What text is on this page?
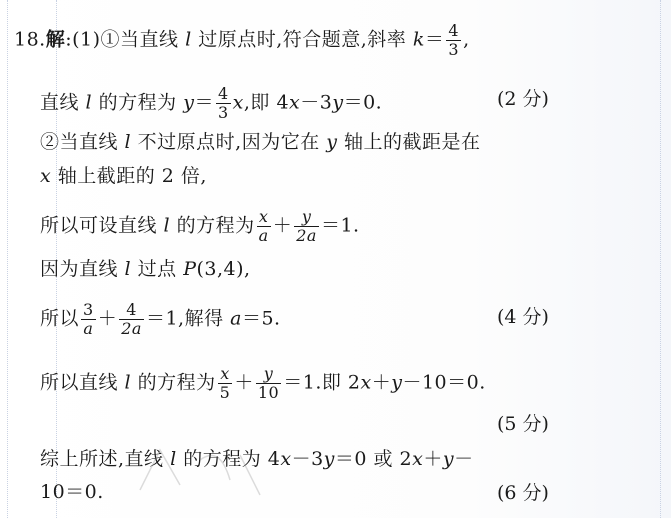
18.解:(1)①当直线 l 过原点时,符合题意,斜率 $k= \frac{4}{3}$ ,
直线 l 的方程为 $y= \frac{4}{3} x$,即 4x－3y＝0.	(2 分)
②当直线 l 不过原点时,因为它在 y 轴上的截距是在
x 轴上截距的 2 倍,
所以可设直线 l 的方程为 $\frac{x}{a} + \frac{y}{2a} =1$.
因为直线 l 过点 P(3,4),
所以 $\frac{3}{a} + \frac{4}{2a} =1$,解得 a＝5.	(4 分)
所以直线 l 的方程为 $\frac{x}{5} + \frac{y}{10} =1$.即 2x＋y－10＝0.
(5 分)
综上所述,直线 l 的方程为 4x－3y＝0 或 2x＋y－
10＝0.	(6 分)
